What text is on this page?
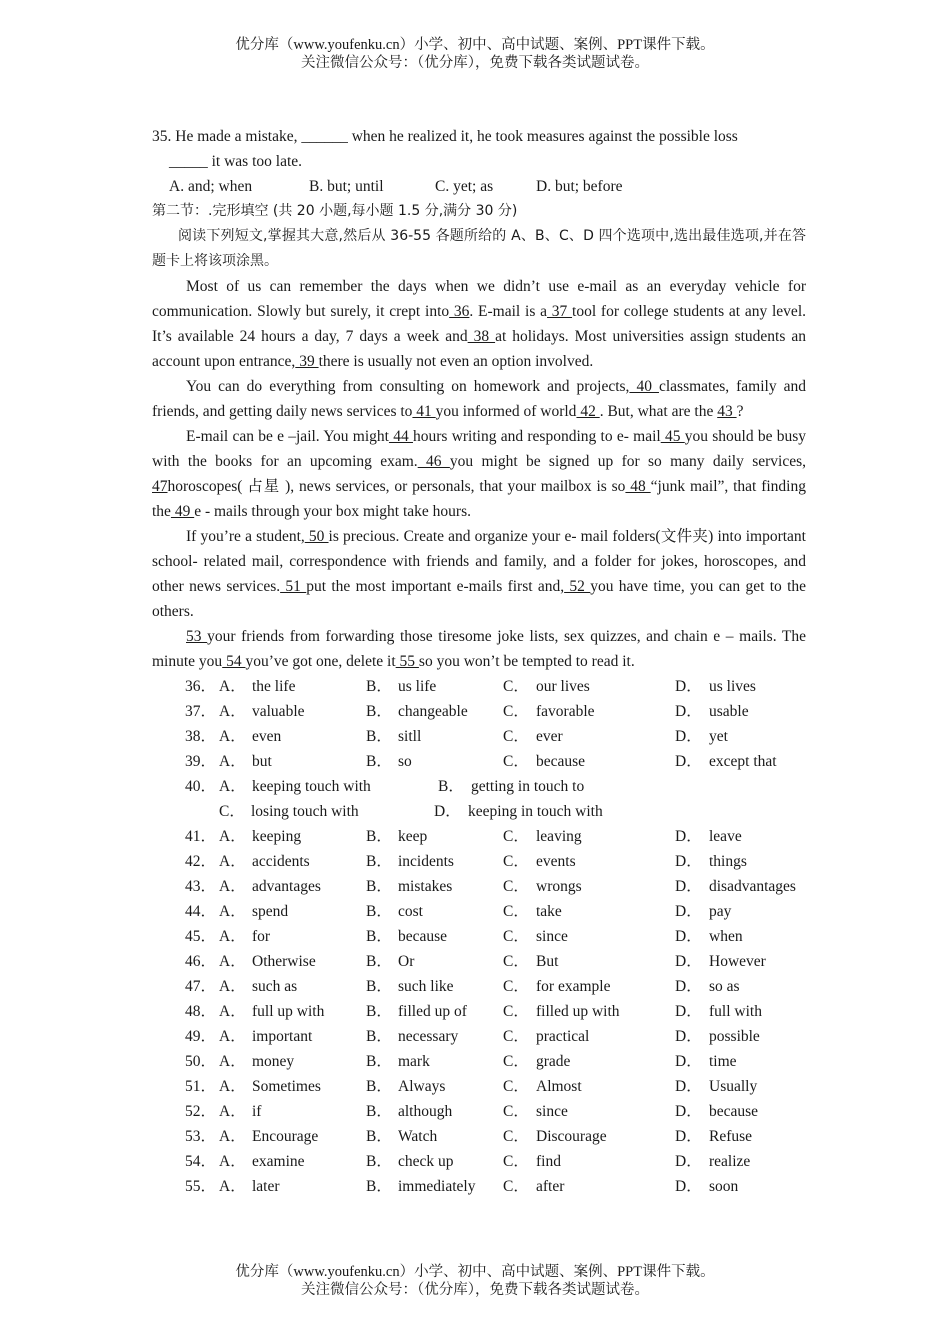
优分库（www.youfenku.cn）小学、初中、高中试题、案例、PPT课件下载。
关注微信公众号：（优分库），免费下载各类试题试卷。
35. He made a mistake, ______ when he realized it, he took measures against the possible loss
_____ it was too late.
A. and; when	B. but; until	C. yet; as	D. but; before
第二节：.完形填空 (共 20 小题,每小题 1.5 分,满分 30 分)
阅读下列短文,掌握其大意,然后从 36-55 各题所给的 A、B、C、D 四个选项中,选出最佳选项,并在答题卡上将该项涂黑。
Most of us can remember the days when we didn’t use e-mail as an everyday vehicle for communication. Slowly but surely, it crept into 36. E-mail is a 37 tool for college students at any level. It’s available 24 hours a day, 7 days a week and 38 at holidays. Most universities assign students an account upon entrance, 39 there is usually not even an option involved.
You can do everything from consulting on homework and projects, 40 classmates, family and friends, and getting daily news services to 41 you informed of world 42 . But, what are the 43 ?
E-mail can be e –jail. You might 44 hours writing and responding to e- mail 45 you should be busy with the books for an upcoming exam. 46 you might be signed up for so many daily services, 47horoscopes( 占星 ), news services, or personals, that your mailbox is so 48 “junk mail”, that finding the 49 e - mails through your box might take hours.
If you’re a student, 50 is precious. Create and organize your e- mail folders(文件夹) into important school- related mail, correspondence with friends and family, and a folder for jokes, horoscopes, and other news services. 51 put the most important e-mails first and, 52 you have time, you can get to the others.
53 your friends from forwarding those tiresome joke lists, sex quizzes, and chain e – mails. The minute you 54 you’ve got one, delete it 55 so you won’t be tempted to read it.
36． A． the life	B． us life	C． our lives	D． us lives
37． A． valuable	B． changeable C． favorable	D． usable
38． A． even	B． sitll	C． ever	D． yet
39． A． but	B． so	C． because	D． except that
40． A． keeping touch with	B． getting in touch to
C． losing touch with	D． keeping in touch with
41． A． keeping	B． keep	C． leaving	D． leave
42． A． accidents	B． incidents	C． events	D． things
43． A． advantages	B． mistakes	C． wrongs	D． disadvantages
44． A． spend	B． cost	C． take	D． pay
45． A． for	B． because	C． since	D． when
46． A． Otherwise	B． Or	C． But	D． However
47． A． such as	B． such like	C． for example	D． so as
48． A． full up with	B． filled up of C． filled up with	D． full with
49． A． important	B． necessary	C． practical	D． possible
50． A． money	B． mark	C． grade	D． time
51． A． Sometimes	B． Always	C． Almost	D． Usually
52． A． if	B． although	C． since	D． because
53． A． Encourage	B． Watch	C． Discourage	D． Refuse
54． A． examine	B． check up	C． find	D． realize
55． A． later	B． immediately C． after	D． soon
优分库（www.youfenku.cn）小学、初中、高中试题、案例、PPT课件下载。
关注微信公众号：（优分库），免费下载各类试题试卷。
